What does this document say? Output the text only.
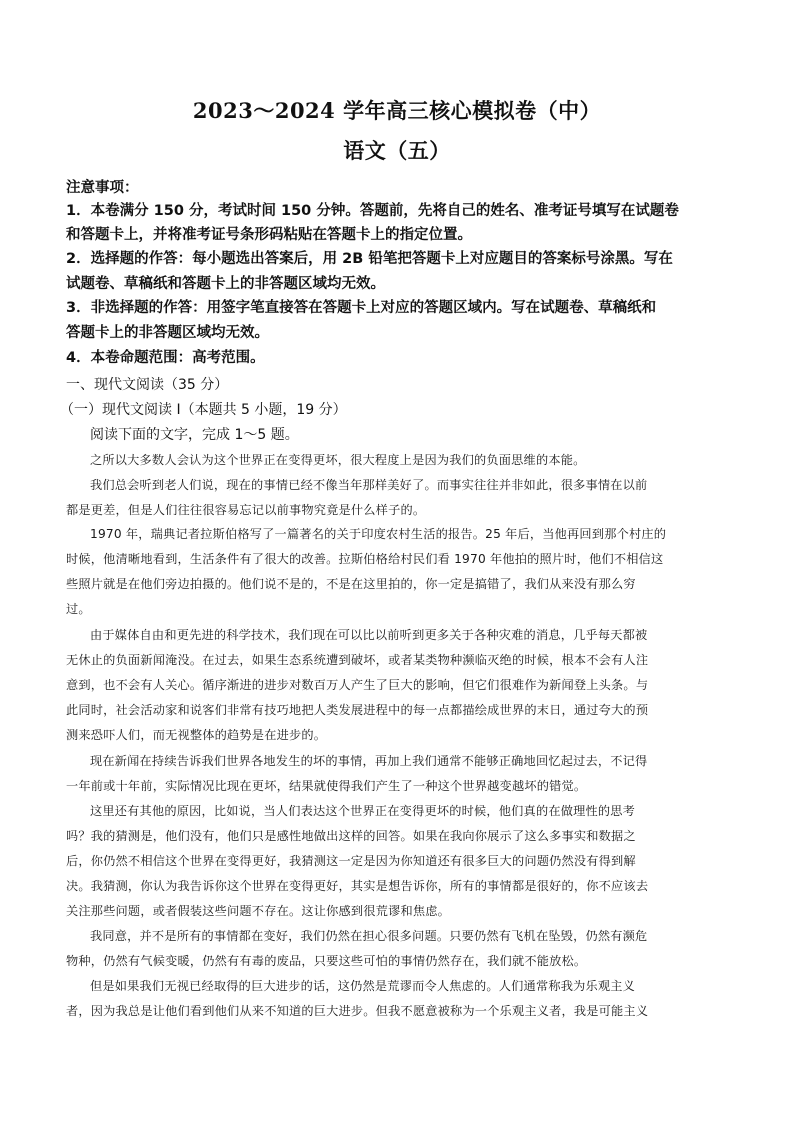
2023～2024 学年高三核心模拟卷（中）
语文（五）
注意事项：
1．本卷满分 150 分，考试时间 150 分钟。答题前，先将自己的姓名、准考证号填写在试题卷
和答题卡上，并将准考证号条形码粘贴在答题卡上的指定位置。
2．选择题的作答：每小题选出答案后，用 2B 铅笔把答题卡上对应题目的答案标号涂黑。写在
试题卷、草稿纸和答题卡上的非答题区域均无效。
3．非选择题的作答：用签字笔直接答在答题卡上对应的答题区域内。写在试题卷、草稿纸和
答题卡上的非答题区域均无效。
4．本卷命题范围：高考范围。
一、现代文阅读（35 分）
（一）现代文阅读 I（本题共 5 小题，19 分）
阅读下面的文字，完成 1～5 题。
之所以大多数人会认为这个世界正在变得更坏，很大程度上是因为我们的负面思维的本能。
我们总会听到老人们说，现在的事情已经不像当年那样美好了。而事实往往并非如此，很多事情在以前
都是更差，但是人们往往很容易忘记以前事物究竟是什么样子的。
1970 年，瑞典记者拉斯伯格写了一篇著名的关于印度农村生活的报告。25 年后，当他再回到那个村庄的
时候，他清晰地看到，生活条件有了很大的改善。拉斯伯格给村民们看 1970 年他拍的照片时，他们不相信这
些照片就是在他们旁边拍摄的。他们说不是的，不是在这里拍的，你一定是搞错了，我们从来没有那么穷
过。
由于媒体自由和更先进的科学技术，我们现在可以比以前听到更多关于各种灾难的消息，几乎每天都被
无休止的负面新闻淹没。在过去，如果生态系统遭到破坏，或者某类物种濒临灭绝的时候，根本不会有人注
意到，也不会有人关心。循序渐进的进步对数百万人产生了巨大的影响，但它们很难作为新闻登上头条。与
此同时，社会活动家和说客们非常有技巧地把人类发展进程中的每一点都描绘成世界的末日，通过夸大的预
测来恐吓人们，而无视整体的趋势是在进步的。
现在新闻在持续告诉我们世界各地发生的坏的事情，再加上我们通常不能够正确地回忆起过去，不记得
一年前或十年前，实际情况比现在更坏，结果就使得我们产生了一种这个世界越变越坏的错觉。
这里还有其他的原因，比如说，当人们表达这个世界正在变得更坏的时候，他们真的在做理性的思考
吗？我的猜测是，他们没有，他们只是感性地做出这样的回答。如果在我向你展示了这么多事实和数据之
后，你仍然不相信这个世界在变得更好，我猜测这一定是因为你知道还有很多巨大的问题仍然没有得到解
决。我猜测，你认为我告诉你这个世界在变得更好，其实是想告诉你，所有的事情都是很好的，你不应该去
关注那些问题，或者假装这些问题不存在。这让你感到很荒谬和焦虑。
我同意，并不是所有的事情都在变好，我们仍然在担心很多问题。只要仍然有飞机在坠毁，仍然有濒危
物种，仍然有气候变暖，仍然有有毒的废品，只要这些可怕的事情仍然存在，我们就不能放松。
但是如果我们无视已经取得的巨大进步的话，这仍然是荒谬而令人焦虑的。人们通常称我为乐观主义
者，因为我总是让他们看到他们从来不知道的巨大进步。但我不愿意被称为一个乐观主义者，我是可能主义
